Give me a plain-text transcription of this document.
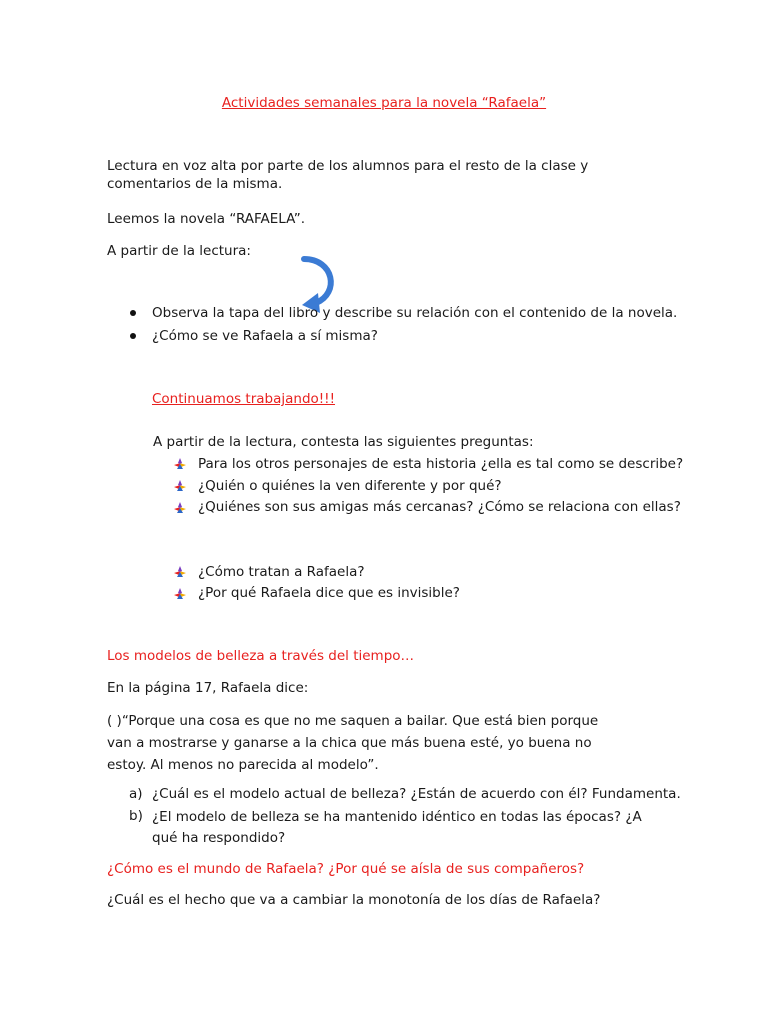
Actividades semanales para la novela “Rafaela”
Lectura en voz alta por parte de los alumnos para el resto de la clase y comentarios de la misma.
Leemos la novela “RAFAELA”.
A partir de la lectura:
Observa la tapa del libro y describe su relación con el contenido de la novela.
¿Cómo se ve Rafaela a sí misma?
Continuamos trabajando!!!
A partir de la lectura, contesta las siguientes preguntas:
Para los otros personajes de esta historia ¿ella es tal como se describe?
¿Quién o quiénes la ven diferente y por qué?
¿Quiénes son sus amigas más cercanas? ¿Cómo se relaciona con ellas?
¿Cómo tratan a Rafaela?
¿Por qué Rafaela dice que es invisible?
Los modelos de belleza a través del tiempo…
En la página 17, Rafaela dice:
( )“Porque una cosa es que no me saquen a bailar. Que está bien porque van a mostrarse y ganarse a la chica que más buena esté, yo buena no estoy. Al menos no parecida al modelo”.
a) ¿Cuál es el modelo actual de belleza? ¿Están de acuerdo con él? Fundamenta.
b) ¿El modelo de belleza se ha mantenido idéntico en todas las épocas? ¿A qué ha respondido?
¿Cómo es el mundo de Rafaela? ¿Por qué se aísla de sus compañeros?
¿Cuál es el hecho que va a cambiar la monotonía de los días de Rafaela?
